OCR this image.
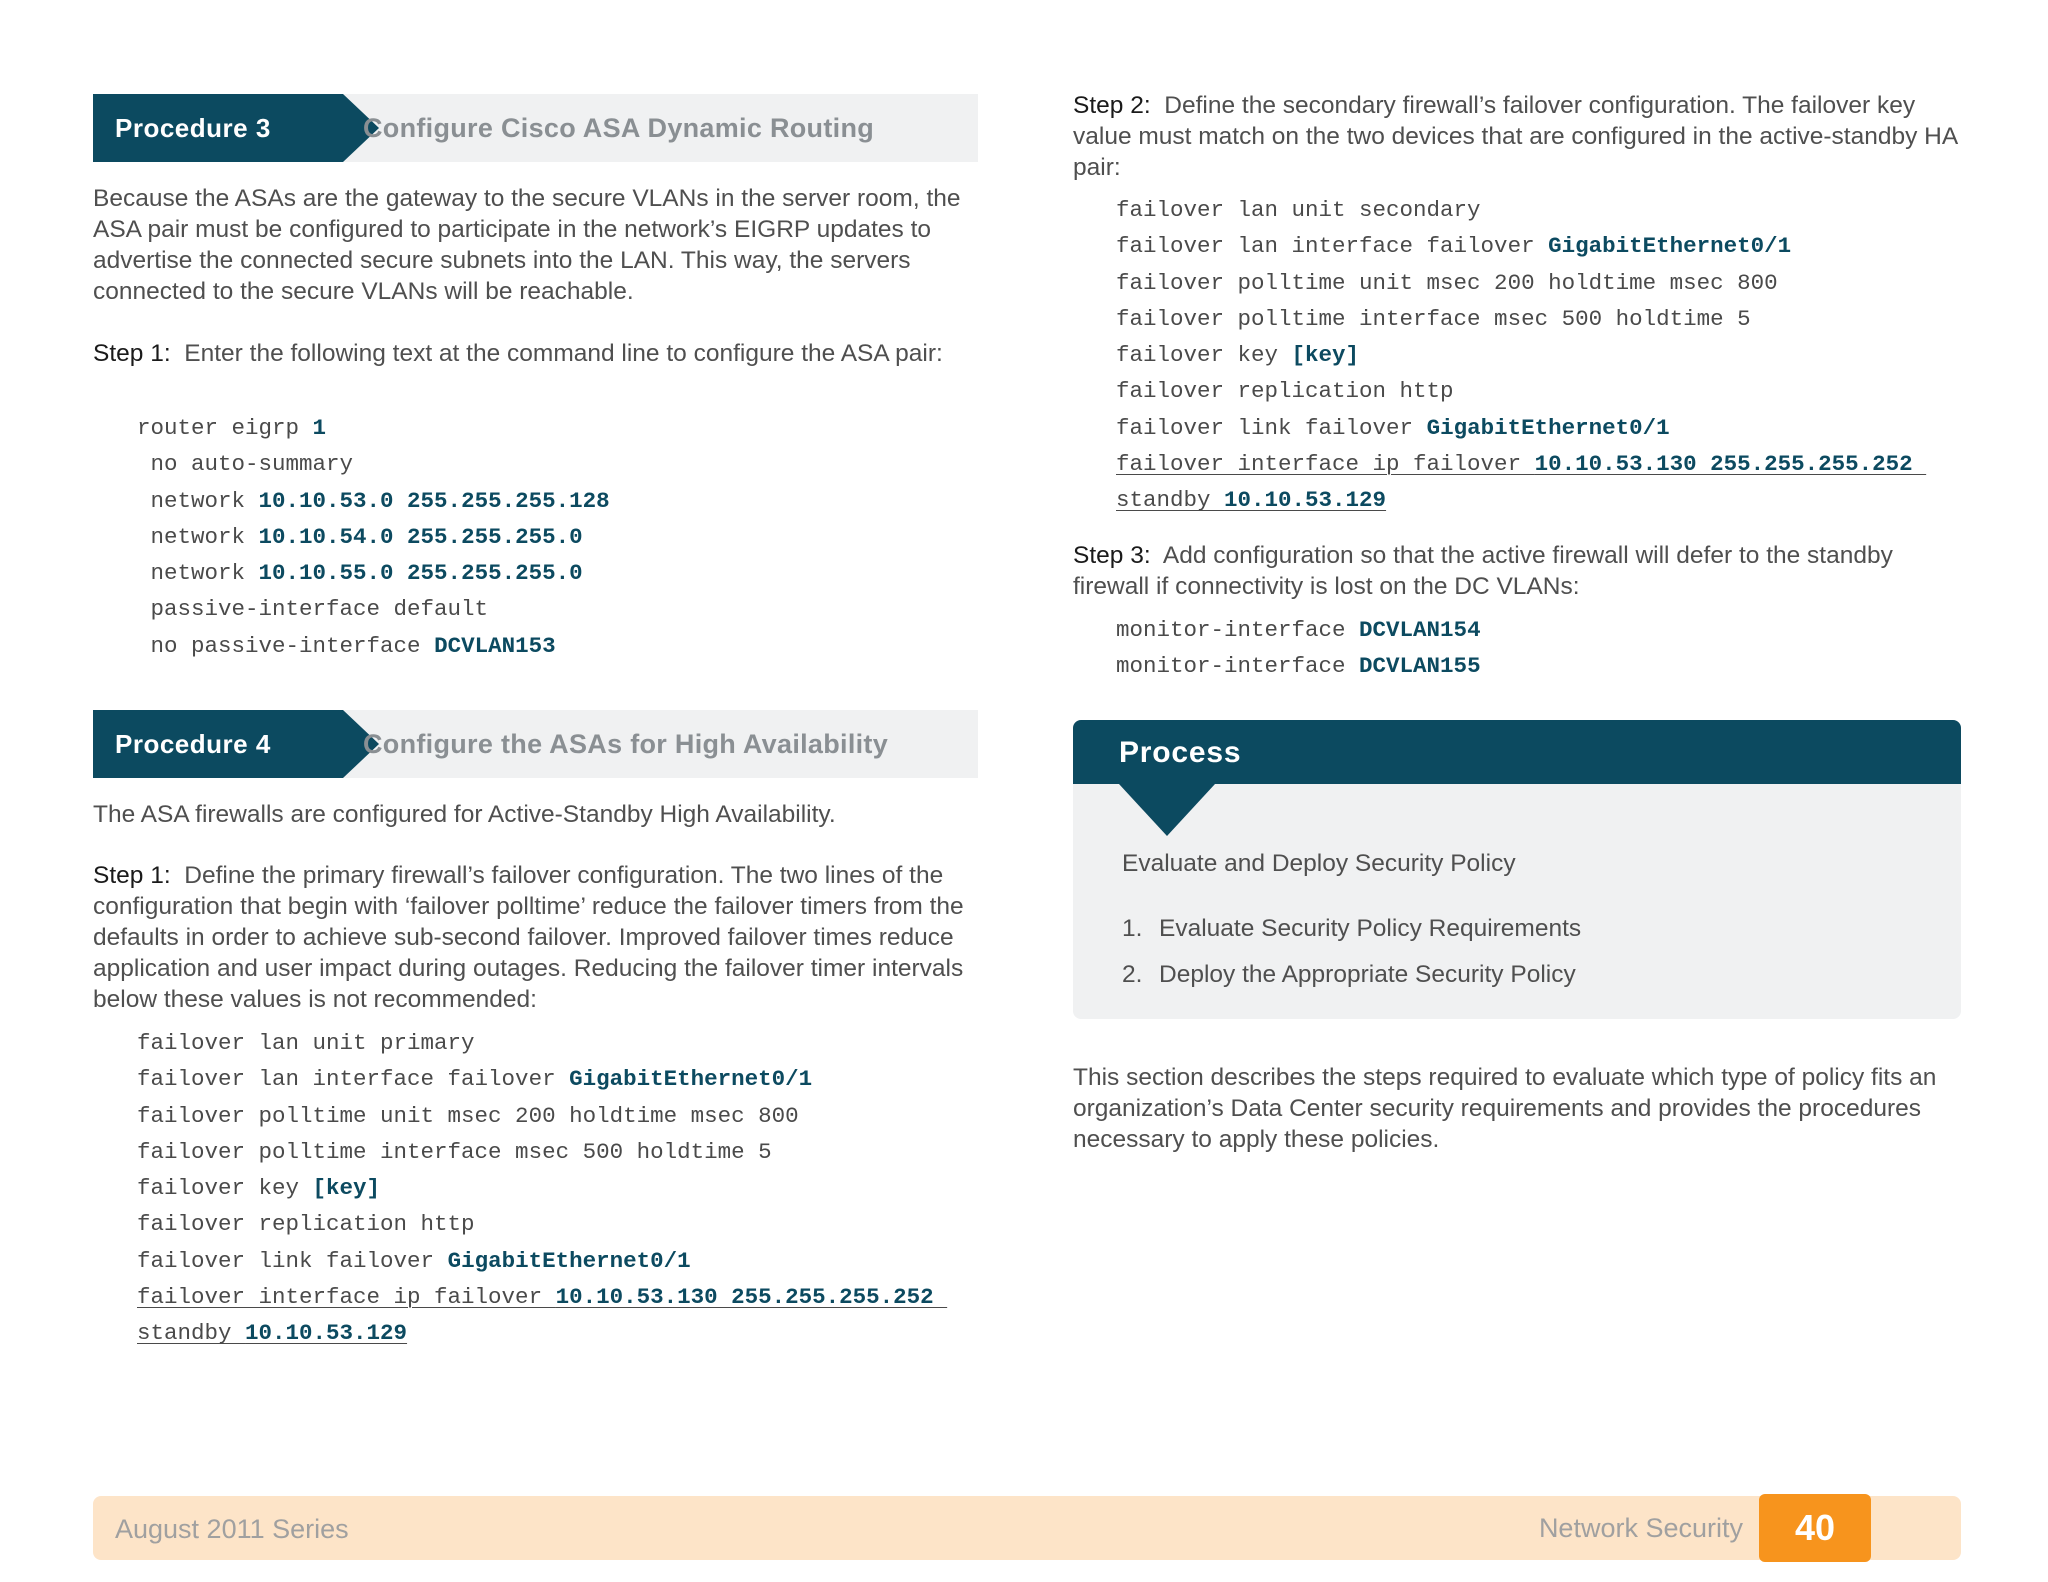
Procedure 3	Configure Cisco ASA Dynamic Routing

Because the ASAs are the gateway to the secure VLANs in the server room, the ASA pair must be configured to participate in the network’s EIGRP updates to advertise the connected secure subnets into the LAN. This way, the servers connected to the secure VLANs will be reachable.

Step 1: Enter the following text at the command line to configure the ASA pair:

router eigrp 1
no auto-summary
network 10.10.53.0 255.255.255.128
network 10.10.54.0 255.255.255.0
network 10.10.55.0 255.255.255.0
passive-interface default
no passive-interface DCVLAN153
Procedure 4	Configure the ASAs for High Availability

The ASA firewalls are configured for Active-Standby High Availability.

Step 1: Define the primary firewall’s failover configuration. The two lines of the configuration that begin with ‘failover polltime’ reduce the failover timers from the defaults in order to achieve sub-second failover. Improved failover times reduce application and user impact during outages. Reducing the failover timer intervals below these values is not recommended:

failover lan unit primary
failover lan interface failover GigabitEthernet0/1
failover polltime unit msec 200 holdtime msec 800
failover polltime interface msec 500 holdtime 5
failover key [key]
failover replication http
failover link failover GigabitEthernet0/1
failover interface ip failover 10.10.53.130 255.255.255.252
standby 10.10.53.129

Step 2: Define the secondary firewall’s failover configuration. The failover key value must match on the two devices that are configured in the active-standby HA pair:

failover lan unit secondary
failover lan interface failover GigabitEthernet0/1
failover polltime unit msec 200 holdtime msec 800
failover polltime interface msec 500 holdtime 5
failover key [key]
failover replication http
failover link failover GigabitEthernet0/1
failover interface ip failover 10.10.53.130 255.255.255.252
standby 10.10.53.129

Step 3: Add configuration so that the active firewall will defer to the standby firewall if connectivity is lost on the DC VLANs:

monitor-interface DCVLAN154
monitor-interface DCVLAN155
Process
Evaluate and Deploy Security Policy
1. Evaluate Security Policy Requirements
2. Deploy the Appropriate Security Policy

This section describes the steps required to evaluate which type of policy fits an organization’s Data Center security requirements and provides the procedures necessary to apply these policies.

August 2011 Series	Network Security	40
